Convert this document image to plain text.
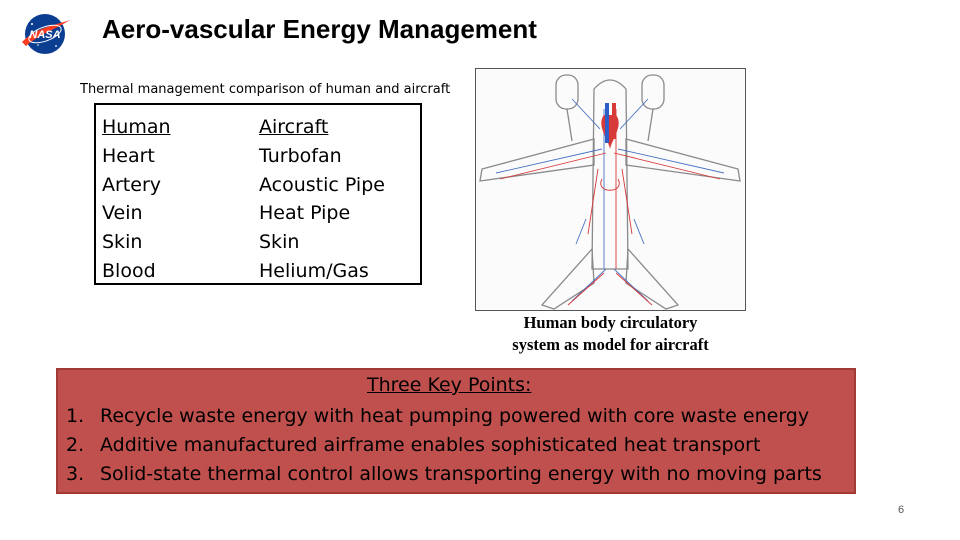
NASA Aero-vascular Energy Management
Thermal management comparison of human and aircraft
Human
Heart
Artery
Vein
Skin
Blood
Aircraft
Turbofan
Acoustic Pipe
Heat Pipe
Skin
Helium/Gas
Human body circulatory
system as model for aircraft
Three Key Points:
1. Recycle waste energy with heat pumping powered with core waste energy
2. Additive manufactured airframe enables sophisticated heat transport
3. Solid-state thermal control allows transporting energy with no moving parts
6
